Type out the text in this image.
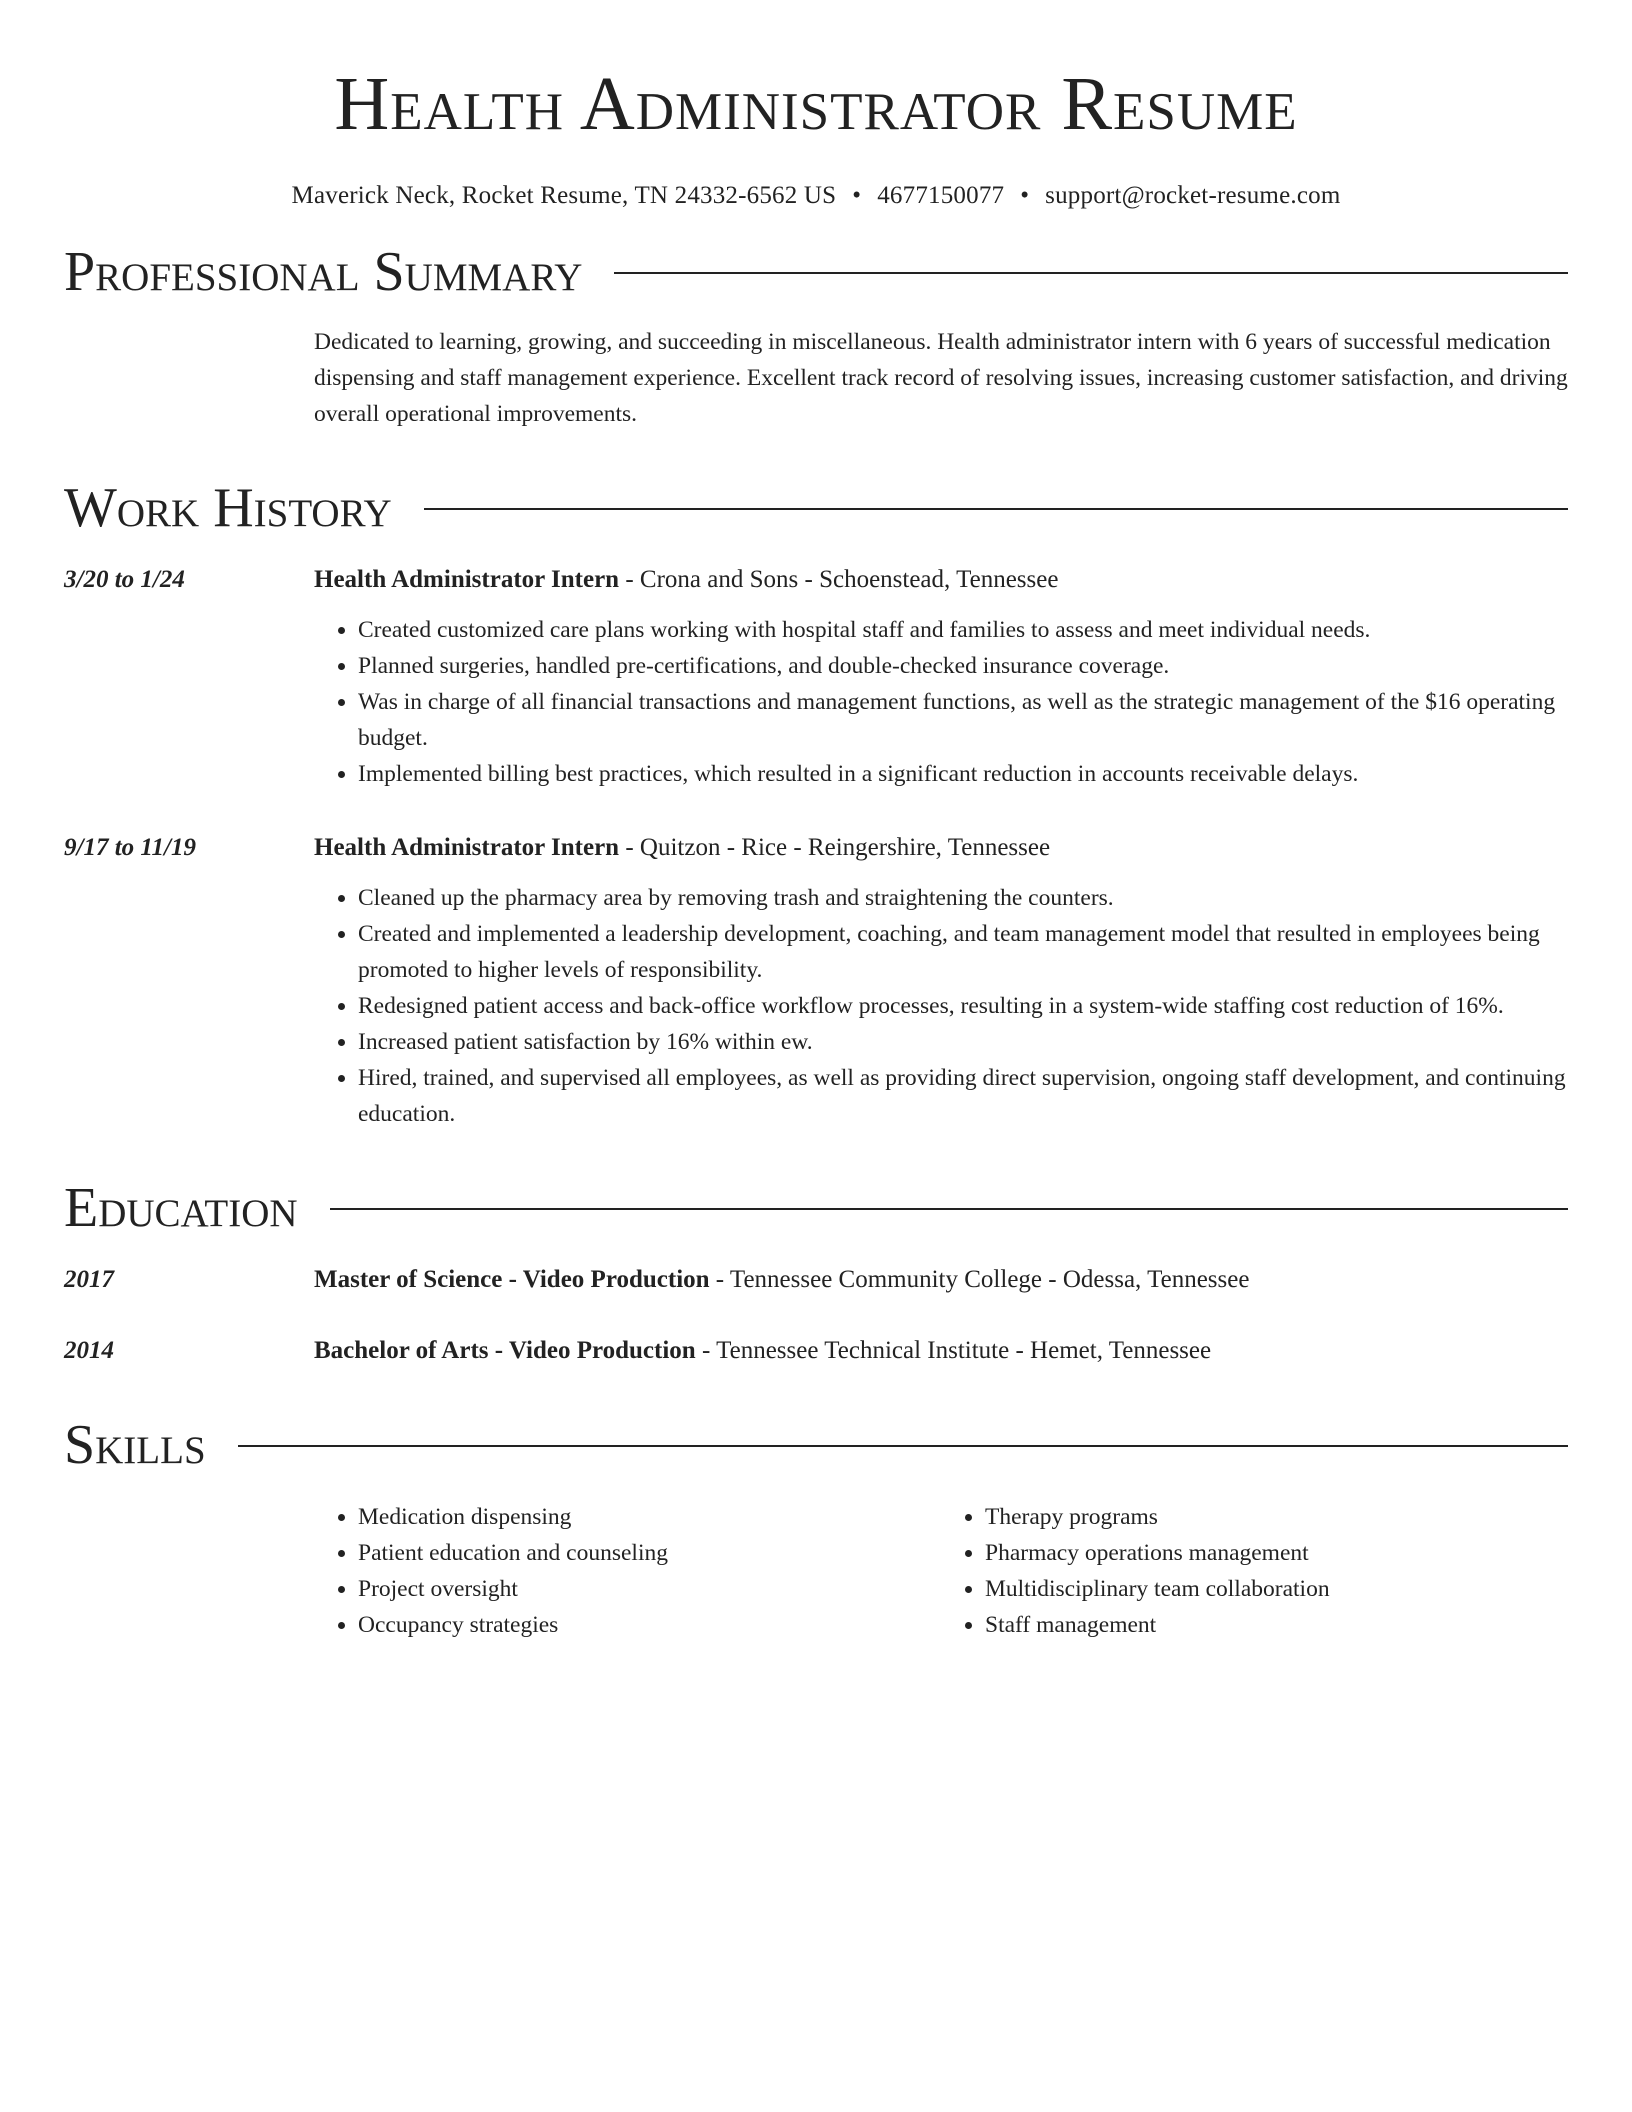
Health Administrator Resume
Maverick Neck, Rocket Resume, TN 24332-6562 US • 4677150077 • support@rocket-resume.com
Professional Summary
Dedicated to learning, growing, and succeeding in miscellaneous. Health administrator intern with 6 years of successful medication dispensing and staff management experience. Excellent track record of resolving issues, increasing customer satisfaction, and driving overall operational improvements.
Work History
3/20 to 1/24	Health Administrator Intern - Crona and Sons - Schoenstead, Tennessee
• Created customized care plans working with hospital staff and families to assess and meet individual needs.
• Planned surgeries, handled pre-certifications, and double-checked insurance coverage.
• Was in charge of all financial transactions and management functions, as well as the strategic management of the $16 operating budget.
• Implemented billing best practices, which resulted in a significant reduction in accounts receivable delays.
9/17 to 11/19	Health Administrator Intern - Quitzon - Rice - Reingershire, Tennessee
• Cleaned up the pharmacy area by removing trash and straightening the counters.
• Created and implemented a leadership development, coaching, and team management model that resulted in employees being promoted to higher levels of responsibility.
• Redesigned patient access and back-office workflow processes, resulting in a system-wide staffing cost reduction of 16%.
• Increased patient satisfaction by 16% within ew.
• Hired, trained, and supervised all employees, as well as providing direct supervision, ongoing staff development, and continuing education.
Education
2017	Master of Science - Video Production - Tennessee Community College - Odessa, Tennessee
2014	Bachelor of Arts - Video Production - Tennessee Technical Institute - Hemet, Tennessee
Skills
• Medication dispensing
• Patient education and counseling
• Project oversight
• Occupancy strategies
• Therapy programs
• Pharmacy operations management
• Multidisciplinary team collaboration
• Staff management
